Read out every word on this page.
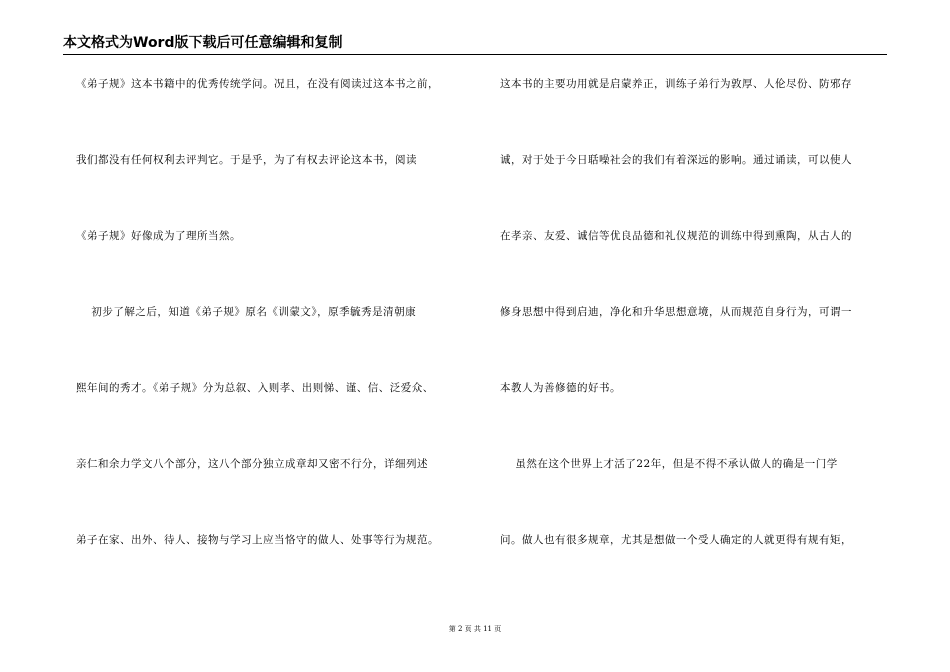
本文格式为Word版下载后可任意编辑和复制
《弟子规》这本书籍中的优秀传统学问。况且，在没有阅读过这本书之前，
我们都没有任何权利去评判它。于是乎，为了有权去评论这本书，阅读
《弟子规》好像成为了理所当然。
初步了解之后，知道《弟子规》原名《训蒙文》，原季毓秀是清朝康
熙年间的秀才。《弟子规》分为总叙、入则孝、出则悌、谨、信、泛爱众、
亲仁和余力学文八个部分，这八个部分独立成章却又密不行分，详细列述
弟子在家、出外、待人、接物与学习上应当恪守的做人、处事等行为规范。
这本书的主要功用就是启蒙养正，训练子弟行为敦厚、人伦尽份、防邪存
诚，对于处于今日聒噪社会的我们有着深远的影响。通过诵读，可以使人
在孝亲、友爱、诚信等优良品德和礼仪规范的训练中得到熏陶，从古人的
修身思想中得到启迪，净化和升华思想意境，从而规范自身行为，可谓一
本教人为善修德的好书。
虽然在这个世界上才活了22年，但是不得不承认做人的确是一门学
问。做人也有很多规章，尤其是想做一个受人确定的人就更得有规有矩，
第 2 页 共 11 页
